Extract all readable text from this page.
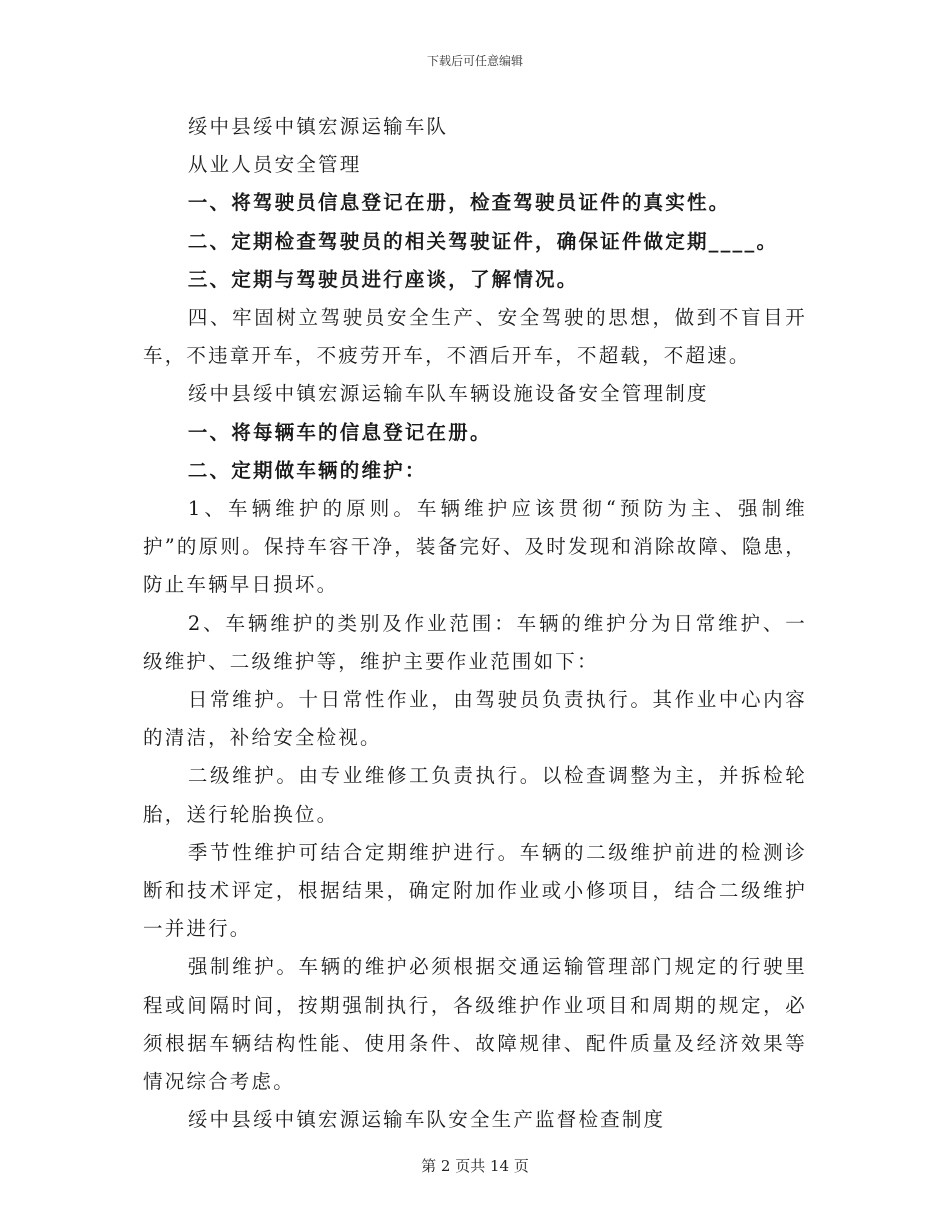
下载后可任意编辑

绥中县绥中镇宏源运输车队

从业人员安全管理

一、将驾驶员信息登记在册，检查驾驶员证件的真实性。

二、定期检查驾驶员的相关驾驶证件，确保证件做定期____。

三、定期与驾驶员进行座谈，了解情况。

四、牢固树立驾驶员安全生产、安全驾驶的思想，做到不盲目开车，不违章开车，不疲劳开车，不酒后开车，不超载，不超速。

绥中县绥中镇宏源运输车队车辆设施设备安全管理制度

一、将每辆车的信息登记在册。

二、定期做车辆的维护：

1、车辆维护的原则。车辆维护应该贯彻“预防为主、强制维护”的原则。保持车容干净，装备完好、及时发现和消除故障、隐患，防止车辆早日损坏。

2、车辆维护的类别及作业范围：车辆的维护分为日常维护、一级维护、二级维护等，维护主要作业范围如下：

日常维护。十日常性作业，由驾驶员负责执行。其作业中心内容的清洁，补给安全检视。

二级维护。由专业维修工负责执行。以检查调整为主，并拆检轮胎，送行轮胎换位。

季节性维护可结合定期维护进行。车辆的二级维护前进的检测诊断和技术评定，根据结果，确定附加作业或小修项目，结合二级维护一并进行。

强制维护。车辆的维护必须根据交通运输管理部门规定的行驶里程或间隔时间，按期强制执行，各级维护作业项目和周期的规定，必须根据车辆结构性能、使用条件、故障规律、配件质量及经济效果等情况综合考虑。

绥中县绥中镇宏源运输车队安全生产监督检查制度

第 2 页共 14 页
